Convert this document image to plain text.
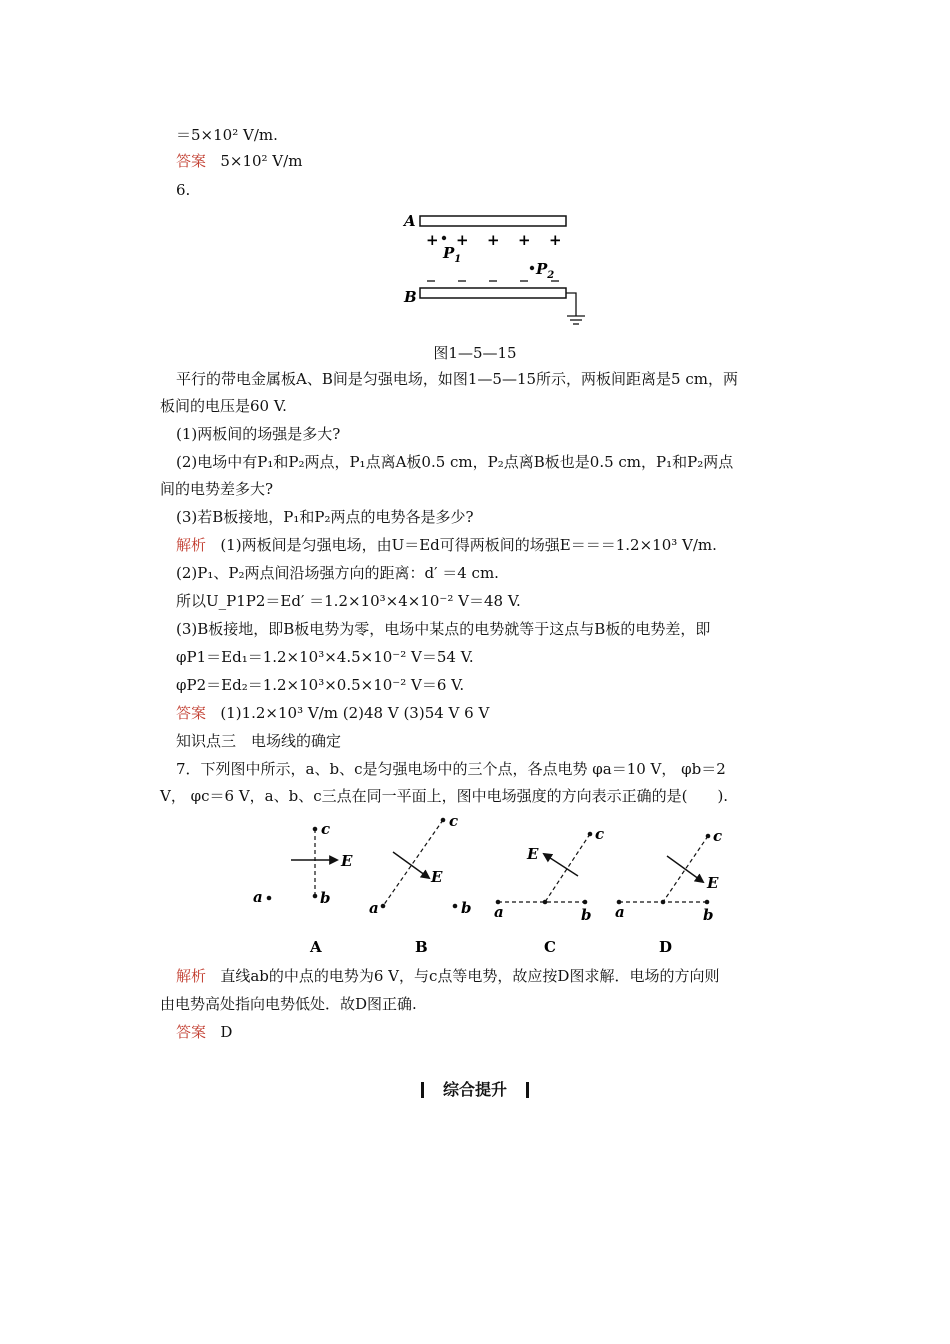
＝5×10² V/m.
答案 5×10² V/m
6.
A
B
+ + + + +
$P_1$
$P_2$
图1—5—15
平行的带电金属板A、B间是匀强电场，如图1—5—15所示，两板间距离是5 cm，两
板间的电压是60 V.
(1)两板间的场强是多大?
(2)电场中有P₁和P₂两点，P₁点离A板0.5 cm，P₂点离B板也是0.5 cm，P₁和P₂两点
间的电势差多大?
(3)若B板接地，P₁和P₂两点的电势各是多少?
解析 (1)两板间是匀强电场，由U＝Ed可得两板间的场强E＝＝＝1.2×10³ V/m.
(2)P₁、P₂两点间沿场强方向的距离：d′ ＝4 cm.
所以U_P1P2＝Ed′ ＝1.2×10³×4×10⁻² V＝48 V.
(3)B板接地，即B板电势为零，电场中某点的电势就等于这点与B板的电势差，即
φP1＝Ed₁＝1.2×10³×4.5×10⁻² V＝54 V.
φP2＝Ed₂＝1.2×10³×0.5×10⁻² V＝6 V.
答案 (1)1.2×10³ V/m (2)48 V (3)54 V 6 V
知识点三　电场线的确定
7．下列图中所示，a、b、c是匀强电场中的三个点，各点电势 φa＝10 V， φb＝2
V， φc＝6 V，a、b、c三点在同一平面上，图中电场强度的方向表示正确的是(　　).
c
E
b
a
A
c
E
a	b
B
c
E
a	b
C
c
E
a	b
D
解析 直线ab的中点的电势为6 V，与c点等电势，故应按D图求解．电场的方向则
由电势高处指向电势低处．故D图正确.
答案 D
综合提升
